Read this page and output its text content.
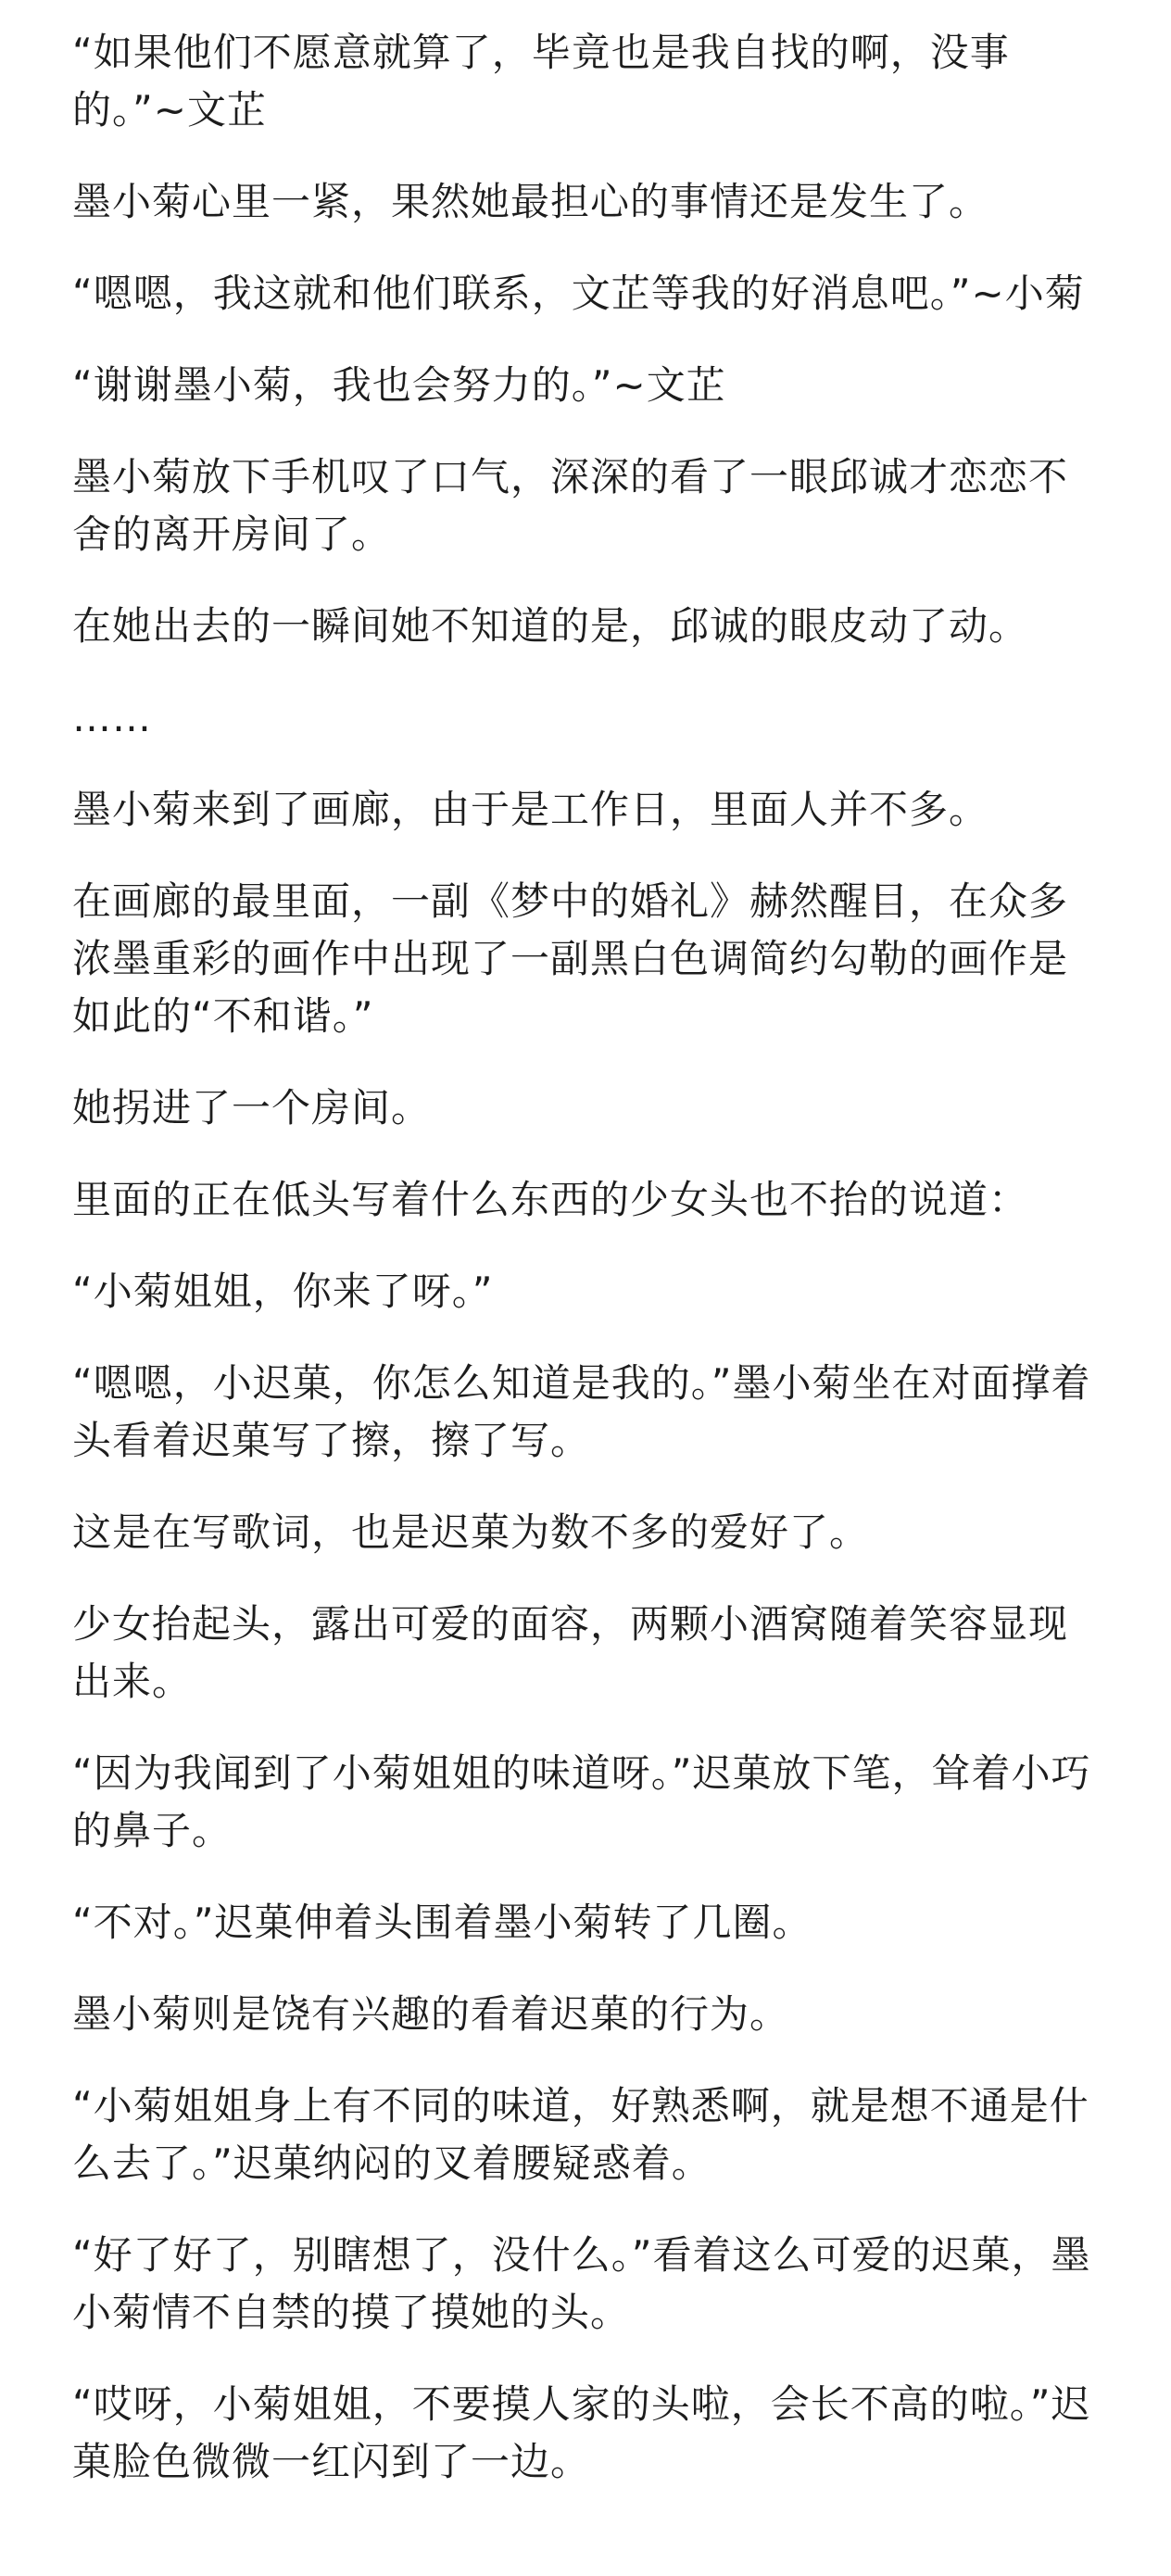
“如果他们不愿意就算了，毕竟也是我自找的啊，没事的。”~文芷

墨小菊心里一紧，果然她最担心的事情还是发生了。

“嗯嗯，我这就和他们联系，文芷等我的好消息吧。”~小菊

“谢谢墨小菊，我也会努力的。”~文芷

墨小菊放下手机叹了口气，深深的看了一眼邱诚才恋恋不舍的离开房间了。

在她出去的一瞬间她不知道的是，邱诚的眼皮动了动。

……

墨小菊来到了画廊，由于是工作日，里面人并不多。

在画廊的最里面，一副《梦中的婚礼》赫然醒目，在众多浓墨重彩的画作中出现了一副黑白色调简约勾勒的画作是如此的“不和谐。”

她拐进了一个房间。

里面的正在低头写着什么东西的少女头也不抬的说道：

“小菊姐姐，你来了呀。”

“嗯嗯，小迟菓，你怎么知道是我的。”墨小菊坐在对面撑着头看着迟菓写了擦，擦了写。

这是在写歌词，也是迟菓为数不多的爱好了。

少女抬起头，露出可爱的面容，两颗小酒窝随着笑容显现出来。

“因为我闻到了小菊姐姐的味道呀。”迟菓放下笔，耸着小巧的鼻子。

“不对。”迟菓伸着头围着墨小菊转了几圈。

墨小菊则是饶有兴趣的看着迟菓的行为。

“小菊姐姐身上有不同的味道，好熟悉啊，就是想不通是什么去了。”迟菓纳闷的叉着腰疑惑着。

“好了好了，别瞎想了，没什么。”看着这么可爱的迟菓，墨小菊情不自禁的摸了摸她的头。

“哎呀，小菊姐姐，不要摸人家的头啦，会长不高的啦。”迟菓脸色微微一红闪到了一边。
